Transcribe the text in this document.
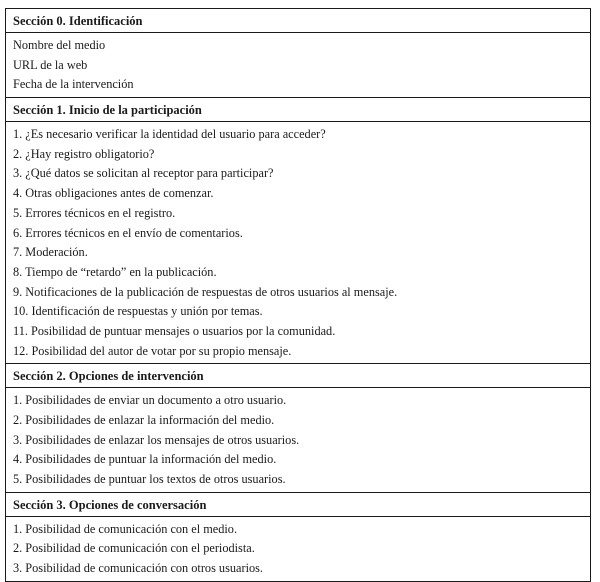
Sección 0. Identificación
Nombre del medio
URL de la web
Fecha de la intervención
Sección 1. Inicio de la participación
1. ¿Es necesario verificar la identidad del usuario para acceder?
2. ¿Hay registro obligatorio?
3. ¿Qué datos se solicitan al receptor para participar?
4. Otras obligaciones antes de comenzar.
5. Errores técnicos en el registro.
6. Errores técnicos en el envío de comentarios.
7. Moderación.
8. Tiempo de “retardo” en la publicación.
9. Notificaciones de la publicación de respuestas de otros usuarios al mensaje.
10. Identificación de respuestas y unión por temas.
11. Posibilidad de puntuar mensajes o usuarios por la comunidad.
12. Posibilidad del autor de votar por su propio mensaje.
Sección 2. Opciones de intervención
1. Posibilidades de enviar un documento a otro usuario.
2. Posibilidades de enlazar la información del medio.
3. Posibilidades de enlazar los mensajes de otros usuarios.
4. Posibilidades de puntuar la información del medio.
5. Posibilidades de puntuar los textos de otros usuarios.
Sección 3. Opciones de conversación
1. Posibilidad de comunicación con el medio.
2. Posibilidad de comunicación con el periodista.
3. Posibilidad de comunicación con otros usuarios.
